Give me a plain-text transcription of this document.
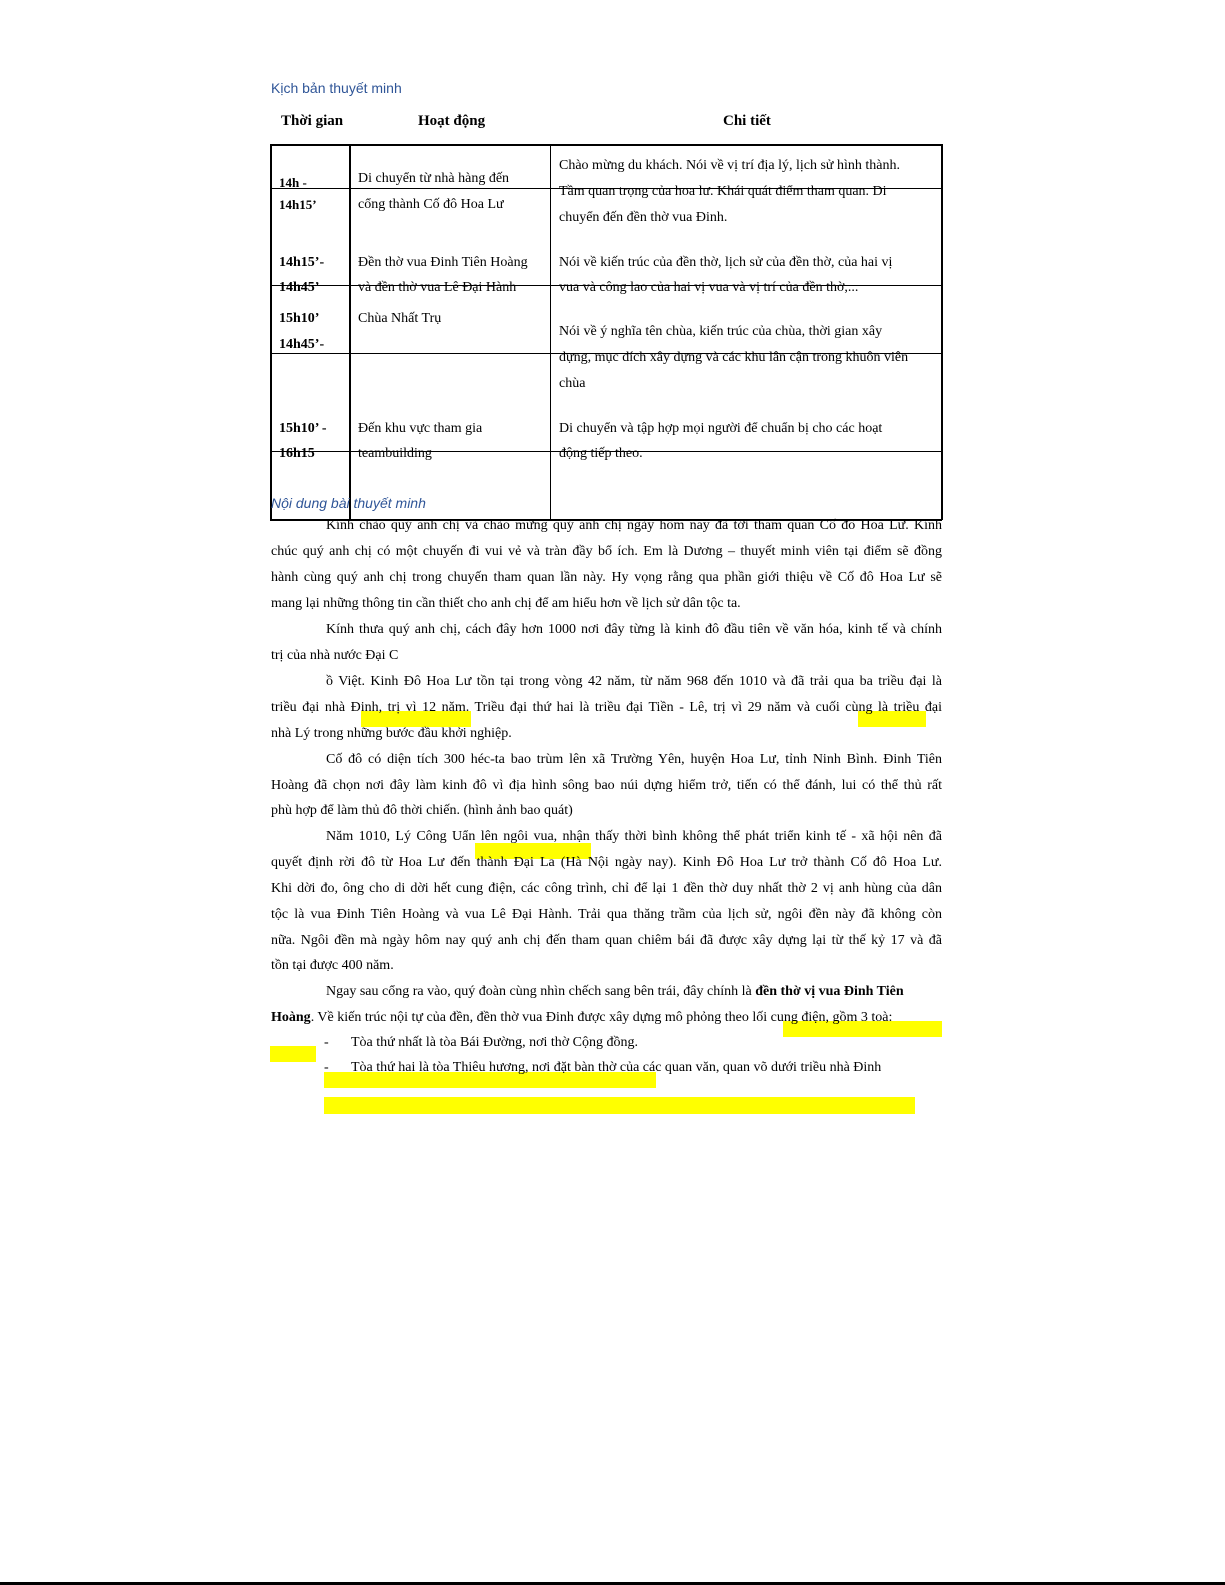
Kịch bản thuyết minh
Thời gian	Hoạt động	Chi tiết
14h -
14h15’
Di chuyển từ nhà hàng đến
cổng thành Cố đô Hoa Lư
Chào mừng du khách. Nói về vị trí địa lý, lịch sử hình thành.
Tầm quan trọng của hoa lư. Khái quát điểm tham quan. Di
chuyển đến đền thờ vua Đinh.
14h15’-
14h45’
Đền thờ vua Đinh Tiên Hoàng
và đền thờ vua Lê Đại Hành
Nói về kiến trúc của đền thờ, lịch sử của đền thờ, của hai vị
vua và công lao của hai vị vua và vị trí của đền thờ,...
15h10’
14h45’-
Chùa Nhất Trụ
Nói về ý nghĩa tên chùa, kiến trúc của chùa, thời gian xây
dựng, mục đích xây dựng và các khu lân cận trong khuôn viên
chùa
15h10’ -
16h15
Đến khu vực tham gia
teambuilding
Di chuyển và tập hợp mọi người để chuẩn bị cho các hoạt
động tiếp theo.
Nội dung bài thuyết minh
Kính chào quý anh chị và chào mừng quý anh chị ngày hôm nay đã tới tham quan Cố đô Hoa Lư. Kính
chúc quý anh chị có một chuyến đi vui vẻ và tràn đầy bổ ích. Em là Dương – thuyết minh viên tại điểm sẽ đồng
hành cùng quý anh chị trong chuyến tham quan lần này. Hy vọng rằng qua phần giới thiệu về Cố đô Hoa Lư sẽ
mang lại những thông tin cần thiết cho anh chị để am hiểu hơn về lịch sử dân tộc ta.
Kính thưa quý anh chị, cách đây hơn 1000 nơi đây từng là kinh đô đầu tiên về văn hóa, kinh tế và chính
trị của nhà nước Đại C
ồ Việt. Kinh Đô Hoa Lư tồn tại trong vòng 42 năm, từ năm 968 đến 1010 và đã trải qua ba triều đại là
triều đại nhà Đinh, trị vì 12 năm. Triều đại thứ hai là triều đại Tiền - Lê, trị vì 29 năm và cuối cùng là triều đại
nhà Lý trong những bước đầu khởi nghiệp.
Cố đô có diện tích 300 héc-ta bao trùm lên xã Trường Yên, huyện Hoa Lư, tỉnh Ninh Bình. Đinh Tiên
Hoàng đã chọn nơi đây làm kinh đô vì địa hình sông bao núi dựng hiểm trở, tiến có thể đánh, lui có thể thủ rất
phù hợp để làm thủ đô thời chiến. (hình ảnh bao quát)
Năm 1010, Lý Công Uẩn lên ngôi vua, nhận thấy thời bình không thể phát triển kinh tế - xã hội nên đã
quyết định rời đô từ Hoa Lư đến thành Đại La (Hà Nội ngày nay). Kinh Đô Hoa Lư trở thành Cố đô Hoa Lư.
Khi dời đo, ông cho di dời hết cung điện, các công trình, chỉ để lại 1 đền thờ duy nhất thờ 2 vị anh hùng của dân
tộc là vua Đinh Tiên Hoàng và vua Lê Đại Hành. Trải qua thăng trầm của lịch sử, ngôi đền này đã không còn
nữa. Ngôi đền mà ngày hôm nay quý anh chị đến tham quan chiêm bái đã được xây dựng lại từ thế kỷ 17 và đã
tồn tại được 400 năm.
Ngay sau cổng ra vào, quý đoàn cùng nhìn chếch sang bên trái, đây chính là đền thờ vị vua Đinh Tiên
Hoàng. Về kiến trúc nội tự của đền, đền thờ vua Đinh được xây dựng mô phỏng theo lối cung điện, gồm 3 toà:
- Tòa thứ nhất là tòa Bái Đường, nơi thờ Cộng đồng.
- Tòa thứ hai là tòa Thiêu hương, nơi đặt bàn thờ của các quan văn, quan võ dưới triều nhà Đinh
